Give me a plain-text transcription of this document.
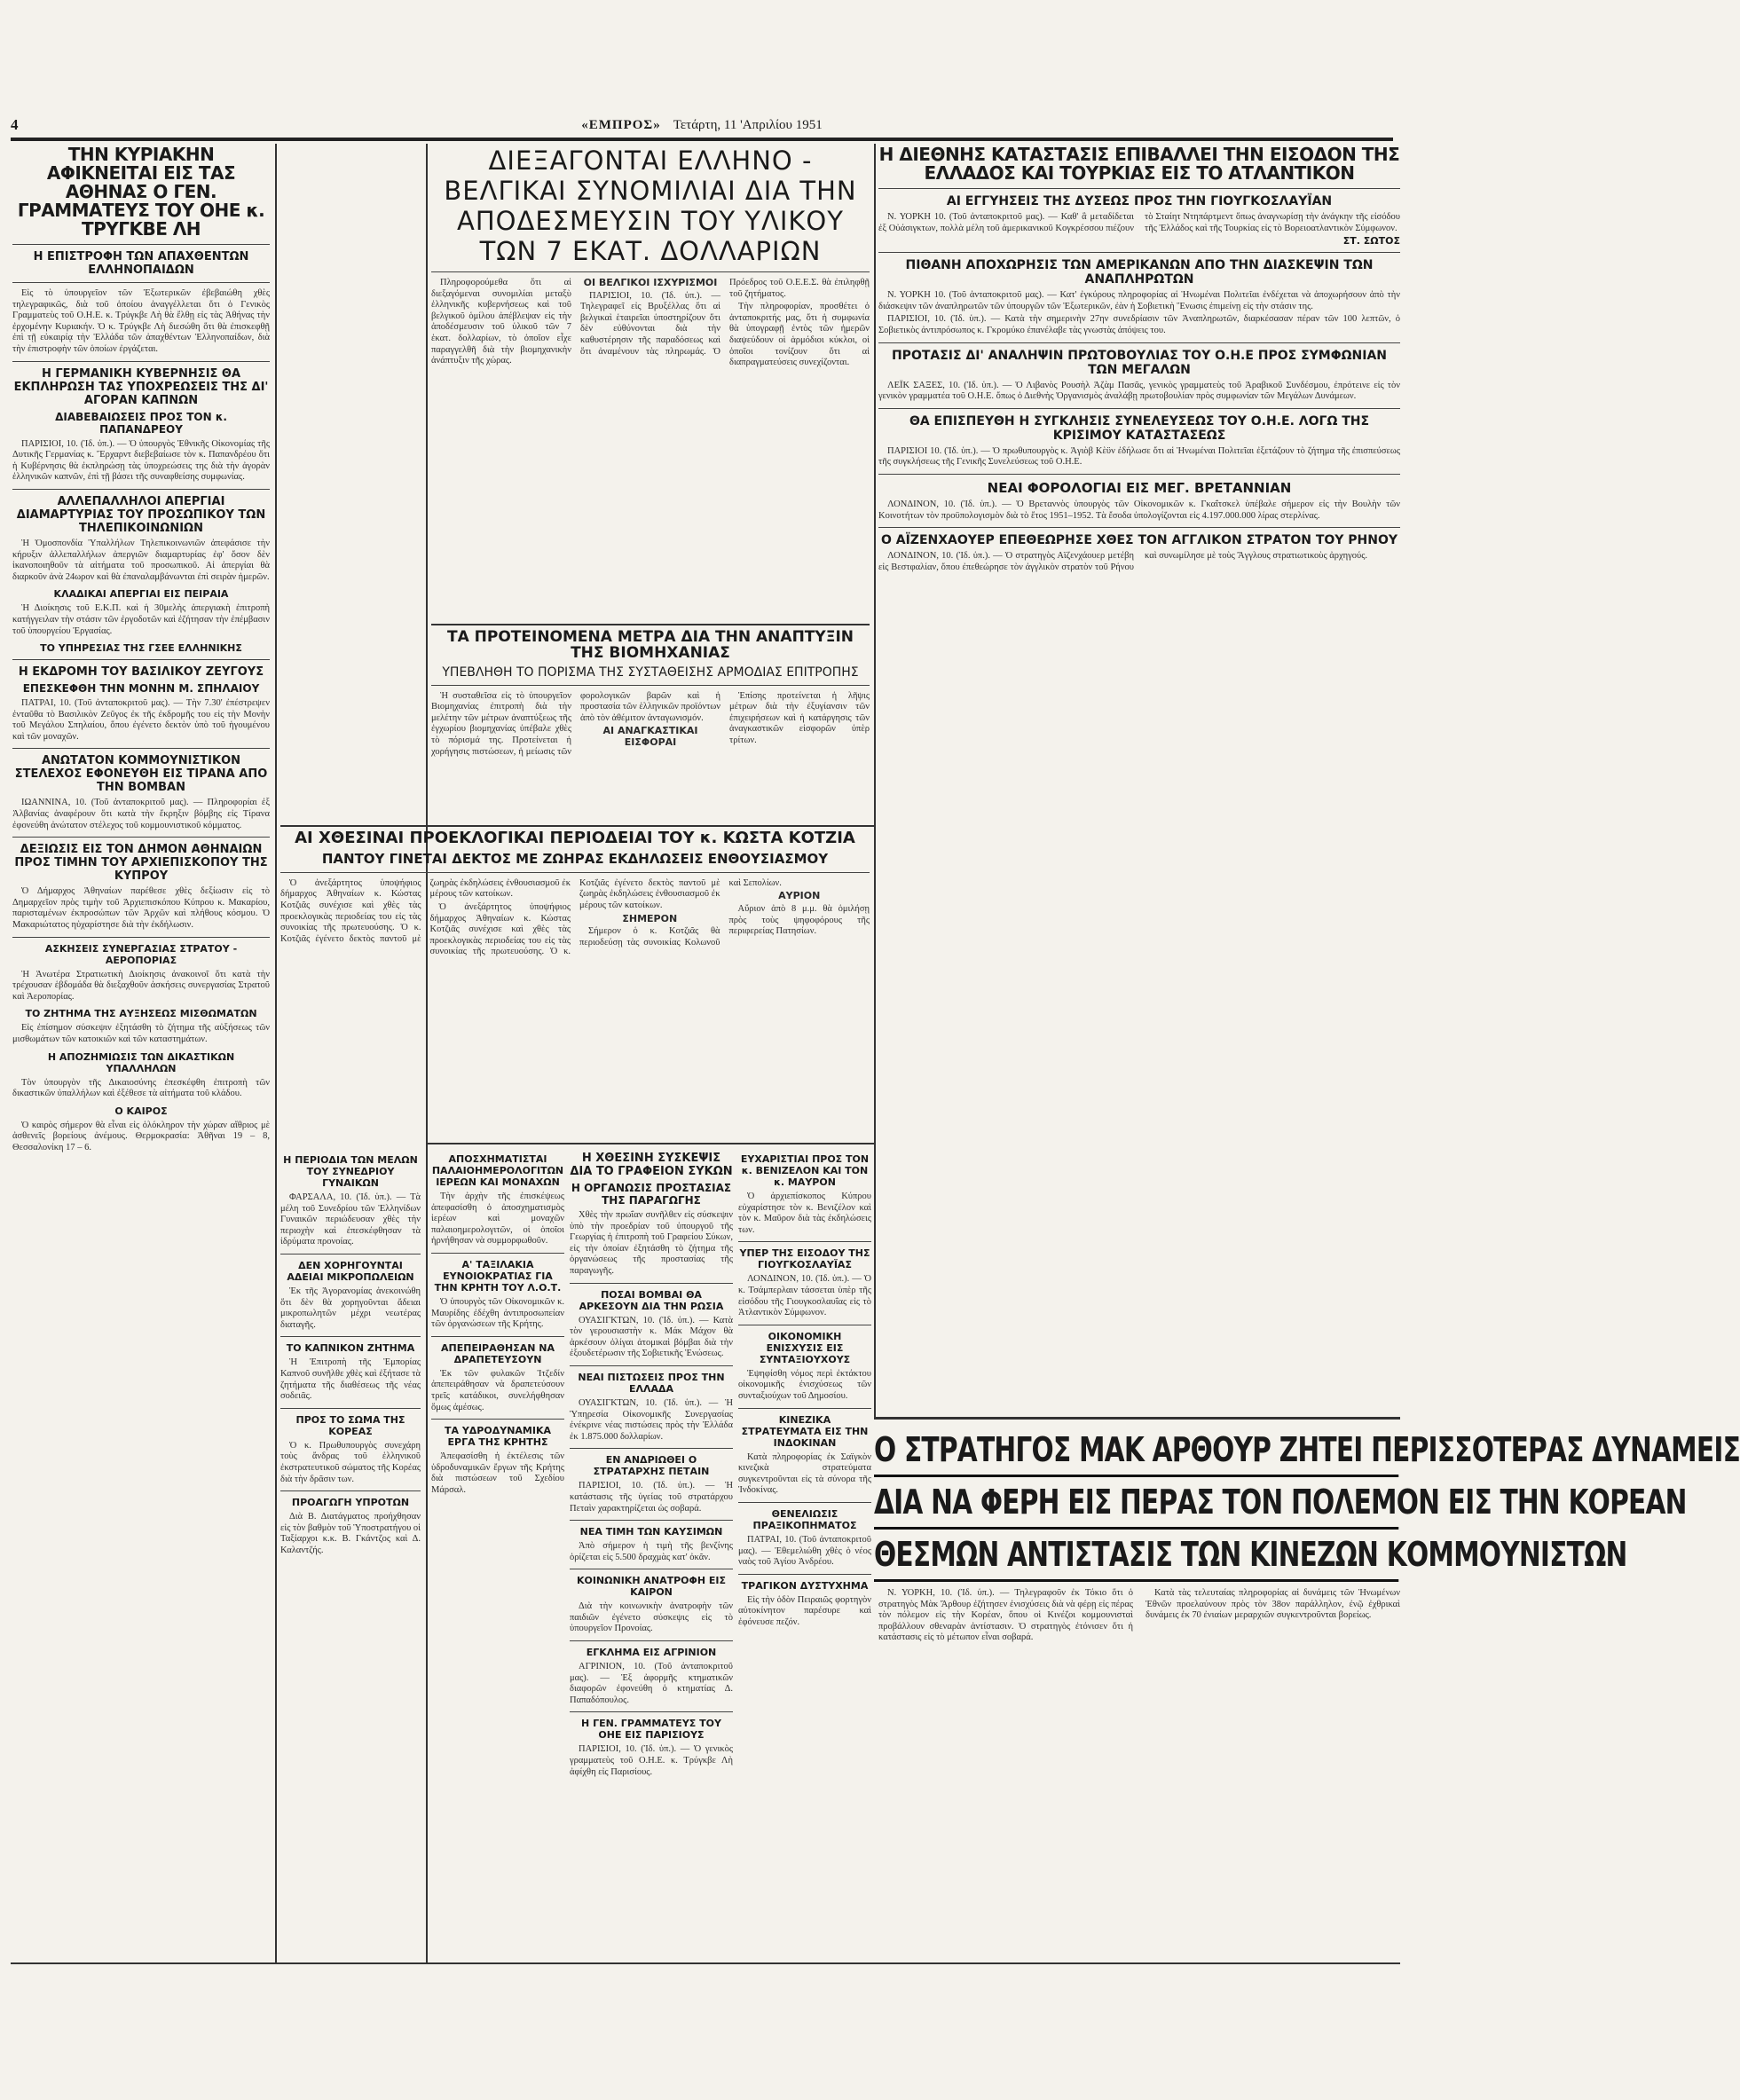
4	«ΕΜΠΡΟΣ» Τετάρτη, 11 'Απριλίου 1951

ΤΗΝ ΚΥΡΙΑΚΗΝ ΑΦΙΚΝΕΙΤΑΙ ΕΙΣ ΤΑΣ ΑΘΗΝΑΣ Ο ΓΕΝ. ΓΡΑΜΜΑΤΕΥΣ ΤΟΥ ΟΗΕ κ. ΤΡΥΓΚΒΕ ΛΗ

Η ΕΠΙΣΤΡΟΦΗ ΤΩΝ ΑΠΑΧΘΕΝΤΩΝ ΕΛΛΗΝΟΠΑΙΔΩΝ

Εἰς τὸ ὑπουργεῖον τῶν Ἐξωτερικῶν ἐβεβαιώθη χθὲς τηλεγραφικῶς, διὰ τοῦ ὁποίου ἀναγγέλλεται ὅτι ὁ Γενικὸς Γραμματεὺς τοῦ Ο.Η.Ε. κ. Τρύγκβε Λὴ θὰ ἔλθῃ εἰς τὰς Ἀθήνας τὴν ἐρχομένην Κυριακήν. Ὁ κ. Τρύγκβε Λὴ διεσώθη ὅτι θὰ ἐπισκεφθῇ ἐπὶ τῇ εὐκαιρίᾳ τὴν Ἑλλάδα τῶν ἀπαχθέντων Ἑλληνοπαίδων, διὰ τὴν ἐπιστροφὴν τῶν ὁποίων ἐργάζεται.

Η ΓΕΡΜΑΝΙΚΗ ΚΥΒΕΡΝΗΣΙΣ ΘΑ ΕΚΠΛΗΡΩΣΗ ΤΑΣ ΥΠΟΧΡΕΩΣΕΙΣ ΤΗΣ ΔΙ' ΑΓΟΡΑΝ ΚΑΠΝΩΝ

ΔΙΑΒΕΒΑΙΩΣΕΙΣ ΠΡΟΣ ΤΟΝ κ. ΠΑΠΑΝΔΡΕΟΥ

ΠΑΡΙΣΙΟΙ, 10. (Ἰδ. ὑπ.). — Ὁ ὑπουργὸς Ἐθνικῆς Οἰκονομίας τῆς Δυτικῆς Γερμανίας κ. Ἔρχαρντ διεβεβαίωσε τὸν κ. Παπανδρέου ὅτι ἡ Κυβέρνησις θὰ ἐκπληρώσῃ τὰς ὑποχρεώσεις της διὰ τὴν ἀγορὰν ἑλληνικῶν καπνῶν, ἐπὶ τῇ βάσει τῆς συναφθείσης συμφωνίας.

ΑΛΛΕΠΑΛΛΗΛΟΙ ΑΠΕΡΓΙΑΙ ΔΙΑΜΑΡΤΥΡΙΑΣ ΤΟΥ ΠΡΟΣΩΠΙΚΟΥ ΤΩΝ ΤΗΛΕΠΙΚΟΙΝΩΝΙΩΝ

Ἡ Ὁμοσπονδία Ὑπαλλήλων Τηλεπικοινωνιῶν ἀπεφάσισε τὴν κήρυξιν ἀλλεπαλλήλων ἀπεργιῶν διαμαρτυρίας ἐφ' ὅσον δὲν ἱκανοποιηθοῦν τὰ αἰτήματα τοῦ προσωπικοῦ. Αἱ ἀπεργίαι θὰ διαρκοῦν ἀνὰ 24ωρον καὶ θὰ ἐπαναλαμβάνωνται ἐπὶ σειρὰν ἡμερῶν.

ΚΛΑΔΙΚΑΙ ΑΠΕΡΓΙΑΙ ΕΙΣ ΠΕΙΡΑΙΑ

Ἡ Διοίκησις τοῦ Ε.Κ.Π. καὶ ἡ 30μελὴς ἀπεργιακὴ ἐπιτροπὴ κατήγγειλαν τὴν στάσιν τῶν ἐργοδοτῶν καὶ ἐζήτησαν τὴν ἐπέμβασιν τοῦ ὑπουργείου Ἐργασίας.

ΤΟ ΥΠΗΡΕΣΙΑΣ ΤΗΣ ΓΣΕΕ ΕΛΛΗΝΙΚΗΣ

Η ΕΚΔΡΟΜΗ ΤΟΥ ΒΑΣΙΛΙΚΟΥ ΖΕΥΓΟΥΣ

ΕΠΕΣΚΕΦΘΗ ΤΗΝ ΜΟΝΗΝ Μ. ΣΠΗΛΑΙΟΥ

ΠΑΤΡΑΙ, 10. (Τοῦ ἀνταποκριτοῦ μας). — Τὴν 7.30' ἐπέστρεψεν ἐνταῦθα τὸ Βασιλικὸν Ζεῦγος ἐκ τῆς ἐκδρομῆς του εἰς τὴν Μονὴν τοῦ Μεγάλου Σπηλαίου, ὅπου ἐγένετο δεκτὸν ὑπὸ τοῦ ἡγουμένου καὶ τῶν μοναχῶν.

ΑΝΩΤΑΤΟΝ ΚΟΜΜΟΥΝΙΣΤΙΚΟΝ ΣΤΕΛΕΧΟΣ ΕΦΟΝΕΥΘΗ ΕΙΣ ΤΙΡΑΝΑ ΑΠΟ ΤΗΝ ΒΟΜΒΑΝ

ΙΩΑΝΝΙΝΑ, 10. (Τοῦ ἀνταποκριτοῦ μας). — Πληροφορίαι ἐξ Ἀλβανίας ἀναφέρουν ὅτι κατὰ τὴν ἔκρηξιν βόμβης εἰς Τίρανα ἐφονεύθη ἀνώτατον στέλεχος τοῦ κομμουνιστικοῦ κόμματος.

ΔΕΞΙΩΣΙΣ ΕΙΣ ΤΟΝ ΔΗΜΟΝ ΑΘΗΝΑΙΩΝ ΠΡΟΣ ΤΙΜΗΝ ΤΟΥ ΑΡΧΙΕΠΙΣΚΟΠΟΥ ΤΗΣ ΚΥΠΡΟΥ

Ὁ Δήμαρχος Ἀθηναίων παρέθεσε χθὲς δεξίωσιν εἰς τὸ Δημαρχεῖον πρὸς τιμὴν τοῦ Ἀρχιεπισκόπου Κύπρου κ. Μακαρίου, παρισταμένων ἐκπροσώπων τῶν Ἀρχῶν καὶ πλήθους κόσμου. Ὁ Μακαριώτατος ηὐχαρίστησε διὰ τὴν ἐκδήλωσιν.

ΑΣΚΗΣΕΙΣ ΣΥΝΕΡΓΑΣΙΑΣ ΣΤΡΑΤΟΥ - ΑΕΡΟΠΟΡΙΑΣ

Ἡ Ἀνωτέρα Στρατιωτικὴ Διοίκησις ἀνακοινοῖ ὅτι κατὰ τὴν τρέχουσαν ἑβδομάδα θὰ διεξαχθοῦν ἀσκήσεις συνεργασίας Στρατοῦ καὶ Ἀεροπορίας.

ΤΟ ΖΗΤΗΜΑ ΤΗΣ ΑΥΞΗΣΕΩΣ ΜΙΣΘΩΜΑΤΩΝ

Εἰς ἐπίσημον σύσκεψιν ἐξητάσθη τὸ ζήτημα τῆς αὐξήσεως τῶν μισθωμάτων τῶν κατοικιῶν καὶ τῶν καταστημάτων.

Η ΑΠΟΖΗΜΙΩΣΙΣ ΤΩΝ ΔΙΚΑΣΤΙΚΩΝ ΥΠΑΛΛΗΛΩΝ

Τὸν ὑπουργὸν τῆς Δικαιοσύνης ἐπεσκέφθη ἐπιτροπὴ τῶν δικαστικῶν ὑπαλλήλων καὶ ἐξέθεσε τὰ αἰτήματα τοῦ κλάδου.

Ο ΚΑΙΡΟΣ

Ὁ καιρὸς σήμερον θὰ εἶναι εἰς ὁλόκληρον τὴν χώραν αἴθριος μὲ ἀσθενεῖς βορείους ἀνέμους. Θερμοκρασία: Ἀθῆναι 19 – 8, Θεσσαλονίκη 17 – 6.

Η ΠΕΡΙΟΔΙΑ ΤΩΝ ΜΕΛΩΝ ΤΟΥ ΣΥΝΕΔΡΙΟΥ ΓΥΝΑΙΚΩΝ

ΦΑΡΣΑΛΑ, 10. (Ἰδ. ὑπ.). — Τὰ μέλη τοῦ Συνεδρίου τῶν Ἑλληνίδων Γυναικῶν περιώδευσαν χθὲς τὴν περιοχὴν καὶ ἐπεσκέφθησαν τὰ ἱδρύματα προνοίας.

ΔΕΝ ΧΟΡΗΓΟΥΝΤΑΙ ΑΔΕΙΑΙ ΜΙΚΡΟΠΩΛΕΙΩΝ

Ἐκ τῆς Ἀγορανομίας ἀνεκοινώθη ὅτι δὲν θὰ χορηγοῦνται ἄδειαι μικροπωλητῶν μέχρι νεωτέρας διαταγῆς.

ΤΟ ΚΑΠΝΙΚΟΝ ΖΗΤΗΜΑ

Ἡ Ἐπιτροπὴ τῆς Ἐμπορίας Καπνοῦ συνῆλθε χθὲς καὶ ἐξήτασε τὰ ζητήματα τῆς διαθέσεως τῆς νέας σοδειᾶς.

ΠΡΟΣ ΤΟ ΣΩΜΑ ΤΗΣ ΚΟΡΕΑΣ

Ὁ κ. Πρωθυπουργὸς συνεχάρη τοὺς ἄνδρας τοῦ ἑλληνικοῦ ἐκστρατευτικοῦ σώματος τῆς Κορέας διὰ τὴν δρᾶσιν των.

ΠΡΟΑΓΩΓΗ ΥΠΡΟΤΩΝ

Διὰ Β. Διατάγματος προήχθησαν εἰς τὸν βαθμὸν τοῦ Ὑποστρατήγου οἱ Ταξίαρχοι κ.κ. Β. Γκάντζος καὶ Δ. Καλαντζής.

ΔΙΕΞΑΓΟΝΤΑΙ ΕΛΛΗΝΟ - ΒΕΛΓΙΚΑΙ ΣΥΝΟΜΙΛΙΑΙ ΔΙΑ ΤΗΝ ΑΠΟΔΕΣΜΕΥΣΙΝ ΤΟΥ ΥΛΙΚΟΥ ΤΩΝ 7 ΕΚΑΤ. ΔΟΛΛΑΡΙΩΝ

Πληροφορούμεθα ὅτι αἱ διεξαγόμεναι συνομιλίαι μεταξὺ ἑλληνικῆς κυβερνήσεως καὶ τοῦ βελγικοῦ ὁμίλου ἀπέβλεψαν εἰς τὴν ἀποδέσμευσιν τοῦ ὑλικοῦ τῶν 7 ἑκατ. δολλαρίων, τὸ ὁποῖον εἶχε παραγγελθῆ διὰ τὴν βιομηχανικὴν ἀνάπτυξιν τῆς χώρας.

ΟΙ ΒΕΛΓΙΚΟΙ ΙΣΧΥΡΙΣΜΟΙ

ΠΑΡΙΣΙΟΙ, 10. (Ἰδ. ὑπ.). — Τηλεγραφεῖ εἰς Βρυξέλλας ὅτι αἱ βελγικαὶ ἑταιρεῖαι ὑποστηρίζουν ὅτι δὲν εὐθύνονται διὰ τὴν καθυστέρησιν τῆς παραδόσεως καὶ ὅτι ἀναμένουν τὰς πληρωμάς. Ὁ Πρόεδρος τοῦ Ο.Ε.Ε.Σ. θὰ ἐπιληφθῇ τοῦ ζητήματος.

Τὴν πληροφορίαν, προσθέτει ὁ ἀνταποκριτής μας, ὅτι ἡ συμφωνία θὰ ὑπογραφῇ ἐντὸς τῶν ἡμερῶν διαψεύδουν οἱ ἁρμόδιοι κύκλοι, οἱ ὁποῖοι τονίζουν ὅτι αἱ διαπραγματεύσεις συνεχίζονται.

Η ΔΙΕΘΝΗΣ ΚΑΤΑΣΤΑΣΙΣ ΕΠΙΒΑΛΛΕΙ ΤΗΝ ΕΙΣΟΔΟΝ ΤΗΣ ΕΛΛΑΔΟΣ ΚΑΙ ΤΟΥΡΚΙΑΣ ΕΙΣ ΤΟ ΑΤΛΑΝΤΙΚΟΝ

ΑΙ ΕΓΓΥΗΣΕΙΣ ΤΗΣ ΔΥΣΕΩΣ ΠΡΟΣ ΤΗΝ ΓΙΟΥΓΚΟΣΛΑΥΪΑΝ

Ν. ΥΟΡΚΗ 10. (Τοῦ ἀνταποκριτοῦ μας). — Καθ' ἃ μεταδίδεται ἐξ Οὐάσιγκτων, πολλὰ μέλη τοῦ ἀμερικανικοῦ Κογκρέσσου πιέζουν τὸ Σταίητ Ντηπάρτμεντ ὅπως ἀναγνωρίσῃ τὴν ἀνάγκην τῆς εἰσόδου τῆς Ἑλλάδος καὶ τῆς Τουρκίας εἰς τὸ Βορειοατλαντικὸν Σύμφωνον.

ΣΤ. ΣΩΤΟΣ

ΠΙΘΑΝΗ ΑΠΟΧΩΡΗΣΙΣ ΤΩΝ ΑΜΕΡΙΚΑΝΩΝ ΑΠΟ ΤΗΝ ΔΙΑΣΚΕΨΙΝ ΤΩΝ ΑΝΑΠΛΗΡΩΤΩΝ

Ν. ΥΟΡΚΗ 10. (Τοῦ ἀνταποκριτοῦ μας). — Κατ' ἐγκύρους πληροφορίας αἱ Ἡνωμέναι Πολιτεῖαι ἐνδέχεται νὰ ἀποχωρήσουν ἀπὸ τὴν διάσκεψιν τῶν ἀναπληρωτῶν τῶν ὑπουργῶν τῶν Ἐξωτερικῶν, ἐὰν ἡ Σοβιετικὴ Ἕνωσις ἐπιμείνῃ εἰς τὴν στάσιν της.

ΠΑΡΙΣΙΟΙ, 10. (Ἰδ. ὑπ.). — Κατὰ τὴν σημερινὴν 27ην συνεδρίασιν τῶν Ἀναπληρωτῶν, διαρκέσασαν πέραν τῶν 100 λεπτῶν, ὁ Σοβιετικὸς ἀντιπρόσωπος κ. Γκρομύκο ἐπανέλαβε τὰς γνωστὰς ἀπόψεις του.

ΠΡΟΤΑΣΙΣ ΔΙ' ΑΝΑΛΗΨΙΝ ΠΡΩΤΟΒΟΥΛΙΑΣ ΤΟΥ Ο.Η.Ε ΠΡΟΣ ΣΥΜΦΩΝΙΑΝ ΤΩΝ ΜΕΓΑΛΩΝ

ΛΕΪΚ ΣΑΞΕΣ, 10. (Ἰδ. ὑπ.). — Ὁ Λιβανὸς Ρουσὴλ Ἀζὰμ Πασᾶς, γενικὸς γραμματεὺς τοῦ Ἀραβικοῦ Συνδέσμου, ἐπρότεινε εἰς τὸν γενικὸν γραμματέα τοῦ Ο.Η.Ε. ὅπως ὁ Διεθνὴς Ὀργανισμὸς ἀναλάβῃ πρωτοβουλίαν πρὸς συμφωνίαν τῶν Μεγάλων Δυνάμεων.

ΘΑ ΕΠΙΣΠΕΥΘΗ Η ΣΥΓΚΛΗΣΙΣ ΣΥΝΕΛΕΥΣΕΩΣ ΤΟΥ Ο.Η.Ε. ΛΟΓΩ ΤΗΣ ΚΡΙΣΙΜΟΥ ΚΑΤΑΣΤΑΣΕΩΣ

ΠΑΡΙΣΙΟΙ 10. (Ἰδ. ὑπ.). — Ὁ πρωθυπουργὸς κ. Ἀγιὸβ Κὲϋν ἐδήλωσε ὅτι αἱ Ἡνωμέναι Πολιτεῖαι ἐξετάζουν τὸ ζήτημα τῆς ἐπισπεύσεως τῆς συγκλήσεως τῆς Γενικῆς Συνελεύσεως τοῦ Ο.Η.Ε.

ΝΕΑΙ ΦΟΡΟΛΟΓΙΑΙ ΕΙΣ ΜΕΓ. ΒΡΕΤΑΝΝΙΑΝ

ΛΟΝΔΙΝΟΝ, 10. (Ἰδ. ὑπ.). — Ὁ Βρεταννὸς ὑπουργὸς τῶν Οἰκονομικῶν κ. Γκαΐτσκελ ὑπέβαλε σήμερον εἰς τὴν Βουλὴν τῶν Κοινοτήτων τὸν προϋπολογισμὸν διὰ τὸ ἔτος 1951–1952. Τὰ ἔσοδα ὑπολογίζονται εἰς 4.197.000.000 λίρας στερλίνας.

Ο ΑΪΖΕΝΧΑΟΥΕΡ ΕΠΕΘΕΩΡΗΣΕ ΧΘΕΣ ΤΟΝ ΑΓΓΛΙΚΟΝ ΣΤΡΑΤΟΝ ΤΟΥ ΡΗΝΟΥ

ΛΟΝΔΙΝΟΝ, 10. (Ἰδ. ὑπ.). — Ὁ στρατηγὸς Αϊζενχάουερ μετέβη εἰς Βεστφαλίαν, ὅπου ἐπεθεώρησε τὸν ἀγγλικὸν στρατὸν τοῦ Ρήνου καὶ συνωμίλησε μὲ τοὺς Ἄγγλους στρατιωτικοὺς ἀρχηγούς.

ΤΑ ΠΡΟΤΕΙΝΟΜΕΝΑ ΜΕΤΡΑ ΔΙΑ ΤΗΝ ΑΝΑΠΤΥΞΙΝ ΤΗΣ ΒΙΟΜΗΧΑΝΙΑΣ

ΥΠΕΒΛΗΘΗ ΤΟ ΠΟΡΙΣΜΑ ΤΗΣ ΣΥΣΤΑΘΕΙΣΗΣ ΑΡΜΟΔΙΑΣ ΕΠΙΤΡΟΠΗΣ

Ἡ συσταθεῖσα εἰς τὸ ὑπουργεῖον Βιομηχανίας ἐπιτροπὴ διὰ τὴν μελέτην τῶν μέτρων ἀναπτύξεως τῆς ἐγχωρίου βιομηχανίας ὑπέβαλε χθὲς τὸ πόρισμά της. Προτείνεται ἡ χορήγησις πιστώσεων, ἡ μείωσις τῶν φορολογικῶν βαρῶν καὶ ἡ προστασία τῶν ἑλληνικῶν προϊόντων ἀπὸ τὸν ἀθέμιτον ἀνταγωνισμόν.

ΑΙ ΑΝΑΓΚΑΣΤΙΚΑΙ ΕΙΣΦΟΡΑΙ

Ἐπίσης προτείνεται ἡ λῆψις μέτρων διὰ τὴν ἐξυγίανσιν τῶν ἐπιχειρήσεων καὶ ἡ κατάργησις τῶν ἀναγκαστικῶν εἰσφορῶν ὑπὲρ τρίτων.

ΑΙ ΧΘΕΣΙΝΑΙ ΠΡΟΕΚΛΟΓΙΚΑΙ ΠΕΡΙΟΔΕΙΑΙ ΤΟΥ κ. ΚΩΣΤΑ ΚΟΤΖΙΑ

ΠΑΝΤΟΥ ΓΙΝΕΤΑΙ ΔΕΚΤΟΣ ΜΕ ΖΩΗΡΑΣ ΕΚΔΗΛΩΣΕΙΣ ΕΝΘΟΥΣΙΑΣΜΟΥ

Ὁ ἀνεξάρτητος ὑποψήφιος δήμαρχος Ἀθηναίων κ. Κώστας Κοτζιᾶς συνέχισε καὶ χθὲς τὰς προεκλογικὰς περιοδείας του εἰς τὰς συνοικίας τῆς πρωτευούσης. Ὁ κ. Κοτζιᾶς ἐγένετο δεκτὸς παντοῦ μὲ ζωηρὰς ἐκδηλώσεις ἐνθουσιασμοῦ ἐκ μέρους τῶν κατοίκων.

Ὁ ἀνεξάρτητος ὑποψήφιος δήμαρχος Ἀθηναίων κ. Κώστας Κοτζιᾶς συνέχισε καὶ χθὲς τὰς προεκλογικὰς περιοδείας του εἰς τὰς συνοικίας τῆς πρωτευούσης. Ὁ κ. Κοτζιᾶς ἐγένετο δεκτὸς παντοῦ μὲ ζωηρὰς ἐκδηλώσεις ἐνθουσιασμοῦ ἐκ μέρους τῶν κατοίκων.

ΣΗΜΕΡΟΝ

Σήμερον ὁ κ. Κοτζιᾶς θὰ περιοδεύσῃ τὰς συνοικίας Κολωνοῦ καὶ Σεπολίων.

ΑΥΡΙΟΝ

Αὔριον ἀπὸ 8 μ.μ. θὰ ὁμιλήσῃ πρὸς τοὺς ψηφοφόρους τῆς περιφερείας Πατησίων.

ΑΠΟΣΧΗΜΑΤΙΣΤΑΙ ΠΑΛΑΙΟΗΜΕΡΟΛΟΓΙΤΩΝ ΙΕΡΕΩΝ ΚΑΙ ΜΟΝΑΧΩΝ

Τὴν ἀρχὴν τῆς ἐπισκέψεως ἀπεφασίσθη ὁ ἀποσχηματισμὸς ἱερέων καὶ μοναχῶν παλαιοημερολογιτῶν, οἱ ὁποῖοι ἠρνήθησαν νὰ συμμορφωθοῦν.

Α' ΤΑΞΙΛΑΚΙΑ ΕΥΝΟΙΟΚΡΑΤΙΑΣ ΓΙΑ ΤΗΝ ΚΡΗΤΗ ΤΟΥ Λ.Ο.Τ.

Ὁ ὑπουργὸς τῶν Οἰκονομικῶν κ. Μαυρίδης ἐδέχθη ἀντιπροσωπείαν τῶν ὀργανώσεων τῆς Κρήτης.

ΑΠΕΠΕΙΡΑΘΗΣΑΝ ΝΑ ΔΡΑΠΕΤΕΥΣΟΥΝ

Ἐκ τῶν φυλακῶν Ἰτζεδίν ἀπεπειράθησαν νὰ δραπετεύσουν τρεῖς κατάδικοι, συνελήφθησαν ὅμως ἀμέσως.

ΤΑ ΥΔΡΟΔΥΝΑΜΙΚΑ ΕΡΓΑ ΤΗΣ ΚΡΗΤΗΣ

Ἀπεφασίσθη ἡ ἐκτέλεσις τῶν ὑδροδυναμικῶν ἔργων τῆς Κρήτης διὰ πιστώσεων τοῦ Σχεδίου Μάρσαλ.

Η ΧΘΕΣΙΝΗ ΣΥΣΚΕΨΙΣ ΔΙΑ ΤΟ ΓΡΑΦΕΙΟΝ ΣΥΚΩΝ

Η ΟΡΓΑΝΩΣΙΣ ΠΡΟΣΤΑΣΙΑΣ ΤΗΣ ΠΑΡΑΓΩΓΗΣ

Χθὲς τὴν πρωΐαν συνῆλθεν εἰς σύσκεψιν ὑπὸ τὴν προεδρίαν τοῦ ὑπουργοῦ τῆς Γεωργίας ἡ ἐπιτροπὴ τοῦ Γραφείου Σύκων, εἰς τὴν ὁποίαν ἐξητάσθη τὸ ζήτημα τῆς ὀργανώσεως τῆς προστασίας τῆς παραγωγῆς.

ΠΟΣΑΙ ΒΟΜΒΑΙ ΘΑ ΑΡΚΕΣΟΥΝ ΔΙΑ ΤΗΝ ΡΩΣΙΑ

ΟΥΑΣΙΓΚΤΩΝ, 10. (Ἰδ. ὑπ.). — Κατὰ τὸν γερουσιαστὴν κ. Μάκ Μάχον θὰ ἀρκέσουν ὀλίγαι ἀτομικαὶ βόμβαι διὰ τὴν ἐξουδετέρωσιν τῆς Σοβιετικῆς Ἑνώσεως.

ΝΕΑΙ ΠΙΣΤΩΣΕΙΣ ΠΡΟΣ ΤΗΝ ΕΛΛΑΔΑ

ΟΥΑΣΙΓΚΤΩΝ, 10. (Ἰδ. ὑπ.). — Ἡ Ὑπηρεσία Οἰκονομικῆς Συνεργασίας ἐνέκρινε νέας πιστώσεις πρὸς τὴν Ἑλλάδα ἐκ 1.875.000 δολλαρίων.

ΕΝ ΑΝΔΡΙΩΘΕΙ Ο ΣΤΡΑΤΑΡΧΗΣ ΠΕΤΑΙΝ

ΠΑΡΙΣΙΟΙ, 10. (Ἰδ. ὑπ.). — Ἡ κατάστασις τῆς ὑγείας τοῦ στρατάρχου Πεταὶν χαρακτηρίζεται ὡς σοβαρά.

ΝΕΑ ΤΙΜΗ ΤΩΝ ΚΑΥΣΙΜΩΝ

Ἀπὸ σήμερον ἡ τιμὴ τῆς βενζίνης ὁρίζεται εἰς 5.500 δραχμὰς κατ' ὀκᾶν.

ΚΟΙΝΩΝΙΚΗ ΑΝΑΤΡΟΦΗ ΕΙΣ ΚΑΙΡΟΝ

Διὰ τὴν κοινωνικὴν ἀνατροφὴν τῶν παιδιῶν ἐγένετο σύσκεψις εἰς τὸ ὑπουργεῖον Προνοίας.

ΕΓΚΛΗΜΑ ΕΙΣ ΑΓΡΙΝΙΟΝ

ΑΓΡΙΝΙΟΝ, 10. (Τοῦ ἀνταποκριτοῦ μας). — Ἐξ ἀφορμῆς κτηματικῶν διαφορῶν ἐφονεύθη ὁ κτηματίας Δ. Παπαδόπουλος.

Η ΓΕΝ. ΓΡΑΜΜΑΤΕΥΣ ΤΟΥ ΟΗΕ ΕΙΣ ΠΑΡΙΣΙΟΥΣ

ΠΑΡΙΣΙΟΙ, 10. (Ἰδ. ὑπ.). — Ὁ γενικὸς γραμματεὺς τοῦ Ο.Η.Ε. κ. Τρύγκβε Λὴ ἀφίχθη εἰς Παρισίους.

ΕΥΧΑΡΙΣΤΙΑΙ ΠΡΟΣ ΤΟΝ κ. ΒΕΝΙΖΕΛΟΝ ΚΑΙ ΤΟΝ κ. ΜΑΥΡΟΝ

Ὁ ἀρχιεπίσκοπος Κύπρου εὐχαρίστησε τὸν κ. Βενιζέλον καὶ τὸν κ. Μαῦρον διὰ τὰς ἐκδηλώσεις των.

ΥΠΕΡ ΤΗΣ ΕΙΣΟΔΟΥ ΤΗΣ ΓΙΟΥΓΚΟΣΛΑΥΪΑΣ

ΛΟΝΔΙΝΟΝ, 10. (Ἰδ. ὑπ.). — Ὁ κ. Τσάμπερλαιν τάσσεται ὑπὲρ τῆς εἰσόδου τῆς Γιουγκοσλαυΐας εἰς τὸ Ἀτλαντικὸν Σύμφωνον.

ΟΙΚΟΝΟΜΙΚΗ ΕΝΙΣΧΥΣΙΣ ΕΙΣ ΣΥΝΤΑΞΙΟΥΧΟΥΣ

Ἐψηφίσθη νόμος περὶ ἐκτάκτου οἰκονομικῆς ἐνισχύσεως τῶν συνταξιούχων τοῦ Δημοσίου.

ΚΙΝΕΖΙΚΑ ΣΤΡΑΤΕΥΜΑΤΑ ΕΙΣ ΤΗΝ ΙΝΔΟΚΙΝΑΝ

Κατὰ πληροφορίας ἐκ Σαϊγκὸν κινεζικὰ στρατεύματα συγκεντροῦνται εἰς τὰ σύνορα τῆς Ἰνδοκίνας.

ΘΕΝΕΛΙΩΣΙΣ ΠΡΑΞΙΚΟΠΗΜΑΤΟΣ

ΠΑΤΡΑΙ, 10. (Τοῦ ἀνταποκριτοῦ μας). — Ἐθεμελιώθη χθὲς ὁ νέος ναὸς τοῦ Ἁγίου Ἀνδρέου.

ΤΡΑΓΙΚΟΝ ΔΥΣΤΥΧΗΜΑ

Εἰς τὴν ὁδὸν Πειραιῶς φορτηγὸν αὐτοκίνητον παρέσυρε καὶ ἐφόνευσε πεζόν.

Ο ΣΤΡΑΤΗΓΟΣ ΜΑΚ ΑΡΘΟΥΡ ΖΗΤΕΙ ΠΕΡΙΣΣΟΤΕΡΑΣ ΔΥΝΑΜΕΙΣ
ΔΙΑ ΝΑ ΦΕΡΗ ΕΙΣ ΠΕΡΑΣ ΤΟΝ ΠΟΛΕΜΟΝ ΕΙΣ ΤΗΝ ΚΟΡΕΑΝ
ΘΕΣΜΩΝ ΑΝΤΙΣΤΑΣΙΣ ΤΩΝ ΚΙΝΕΖΩΝ ΚΟΜΜΟΥΝΙΣΤΩΝ

Ν. ΥΟΡΚΗ, 10. (Ἰδ. ὑπ.). — Τηλεγραφοῦν ἐκ Τόκιο ὅτι ὁ στρατηγὸς Μὰκ Ἄρθουρ ἐζήτησεν ἐνισχύσεις διὰ νὰ φέρῃ εἰς πέρας τὸν πόλεμον εἰς τὴν Κορέαν, ὅπου οἱ Κινέζοι κομμουνισταὶ προβάλλουν σθεναρὰν ἀντίστασιν. Ὁ στρατηγὸς ἐτόνισεν ὅτι ἡ κατάστασις εἰς τὸ μέτωπον εἶναι σοβαρά.

Κατὰ τὰς τελευταίας πληροφορίας αἱ δυνάμεις τῶν Ἡνωμένων Ἐθνῶν προελαύνουν πρὸς τὸν 38ον παράλληλον, ἐνῷ ἐχθρικαὶ δυνάμεις ἐκ 70 ἐνιαίων μεραρχιῶν συγκεντροῦνται βορείως.
